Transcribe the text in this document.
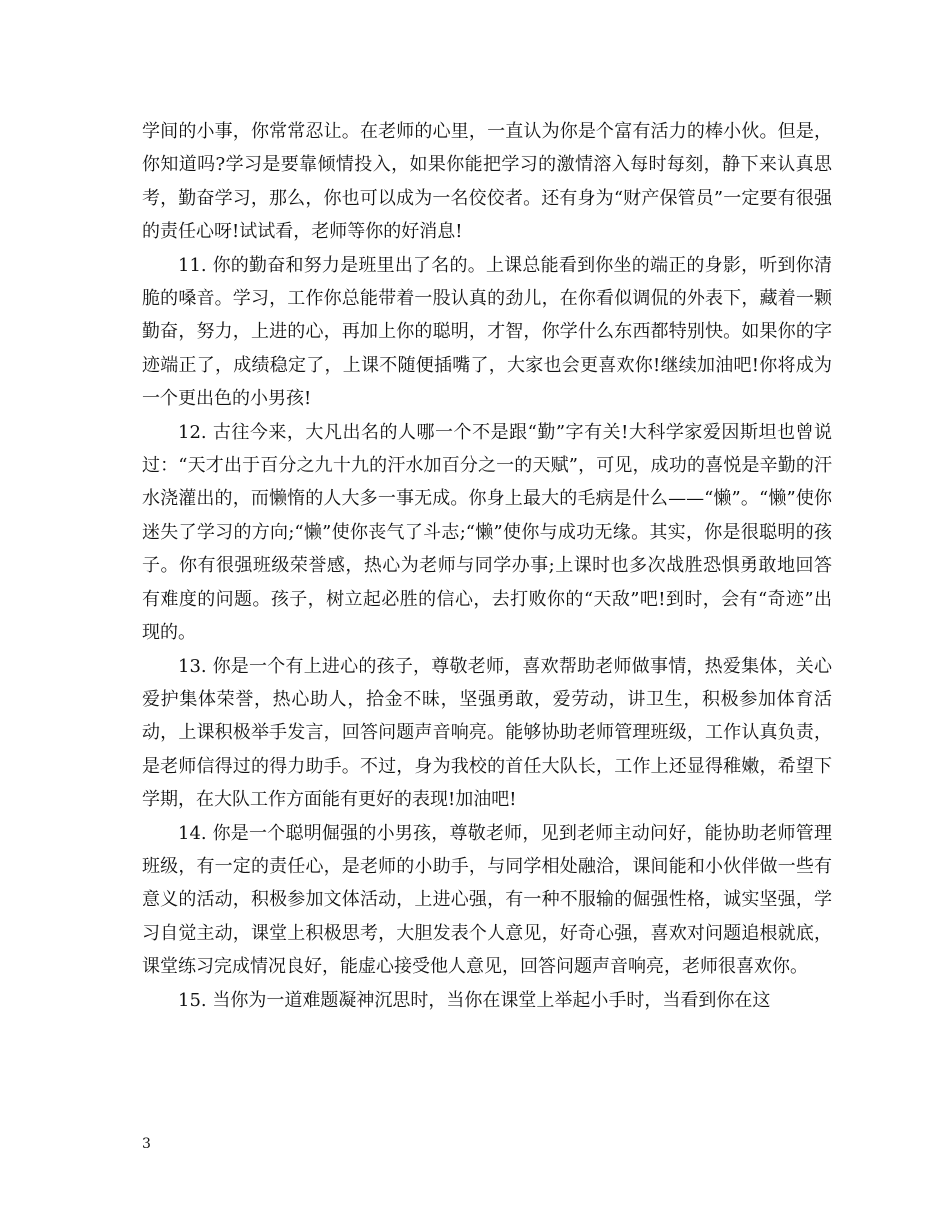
学间的小事，你常常忍让。在老师的心里，一直认为你是个富有活力的棒小伙。但是，你知道吗?学习是要靠倾情投入，如果你能把学习的激情溶入每时每刻，静下来认真思考，勤奋学习，那么，你也可以成为一名佼佼者。还有身为“财产保管员”一定要有很强的责任心呀!试试看，老师等你的好消息!

11. 你的勤奋和努力是班里出了名的。上课总能看到你坐的端正的身影，听到你清脆的嗓音。学习，工作你总能带着一股认真的劲儿，在你看似调侃的外表下，藏着一颗勤奋，努力，上进的心，再加上你的聪明，才智，你学什么东西都特别快。如果你的字迹端正了，成绩稳定了，上课不随便插嘴了，大家也会更喜欢你!继续加油吧!你将成为一个更出色的小男孩!

12. 古往今来，大凡出名的人哪一个不是跟“勤”字有关!大科学家爱因斯坦也曾说过：“天才出于百分之九十九的汗水加百分之一的天赋”，可见，成功的喜悦是辛勤的汗水浇灌出的，而懒惰的人大多一事无成。你身上最大的毛病是什么——“懒”。“懒”使你迷失了学习的方向;“懒”使你丧气了斗志;“懒”使你与成功无缘。其实，你是很聪明的孩子。你有很强班级荣誉感，热心为老师与同学办事;上课时也多次战胜恐惧勇敢地回答有难度的问题。孩子，树立起必胜的信心，去打败你的“天敌”吧!到时，会有“奇迹”出现的。

13. 你是一个有上进心的孩子，尊敬老师，喜欢帮助老师做事情，热爱集体，关心爱护集体荣誉，热心助人，拾金不昧，坚强勇敢，爱劳动，讲卫生，积极参加体育活动，上课积极举手发言，回答问题声音响亮。能够协助老师管理班级，工作认真负责，是老师信得过的得力助手。不过，身为我校的首任大队长，工作上还显得稚嫩，希望下学期，在大队工作方面能有更好的表现!加油吧!

14. 你是一个聪明倔强的小男孩，尊敬老师，见到老师主动问好，能协助老师管理班级，有一定的责任心，是老师的小助手，与同学相处融洽，课间能和小伙伴做一些有意义的活动，积极参加文体活动，上进心强，有一种不服输的倔强性格，诚实坚强，学习自觉主动，课堂上积极思考，大胆发表个人意见，好奇心强，喜欢对问题追根就底，课堂练习完成情况良好，能虚心接受他人意见，回答问题声音响亮，老师很喜欢你。

15. 当你为一道难题凝神沉思时，当你在课堂上举起小手时，当看到你在这

3
